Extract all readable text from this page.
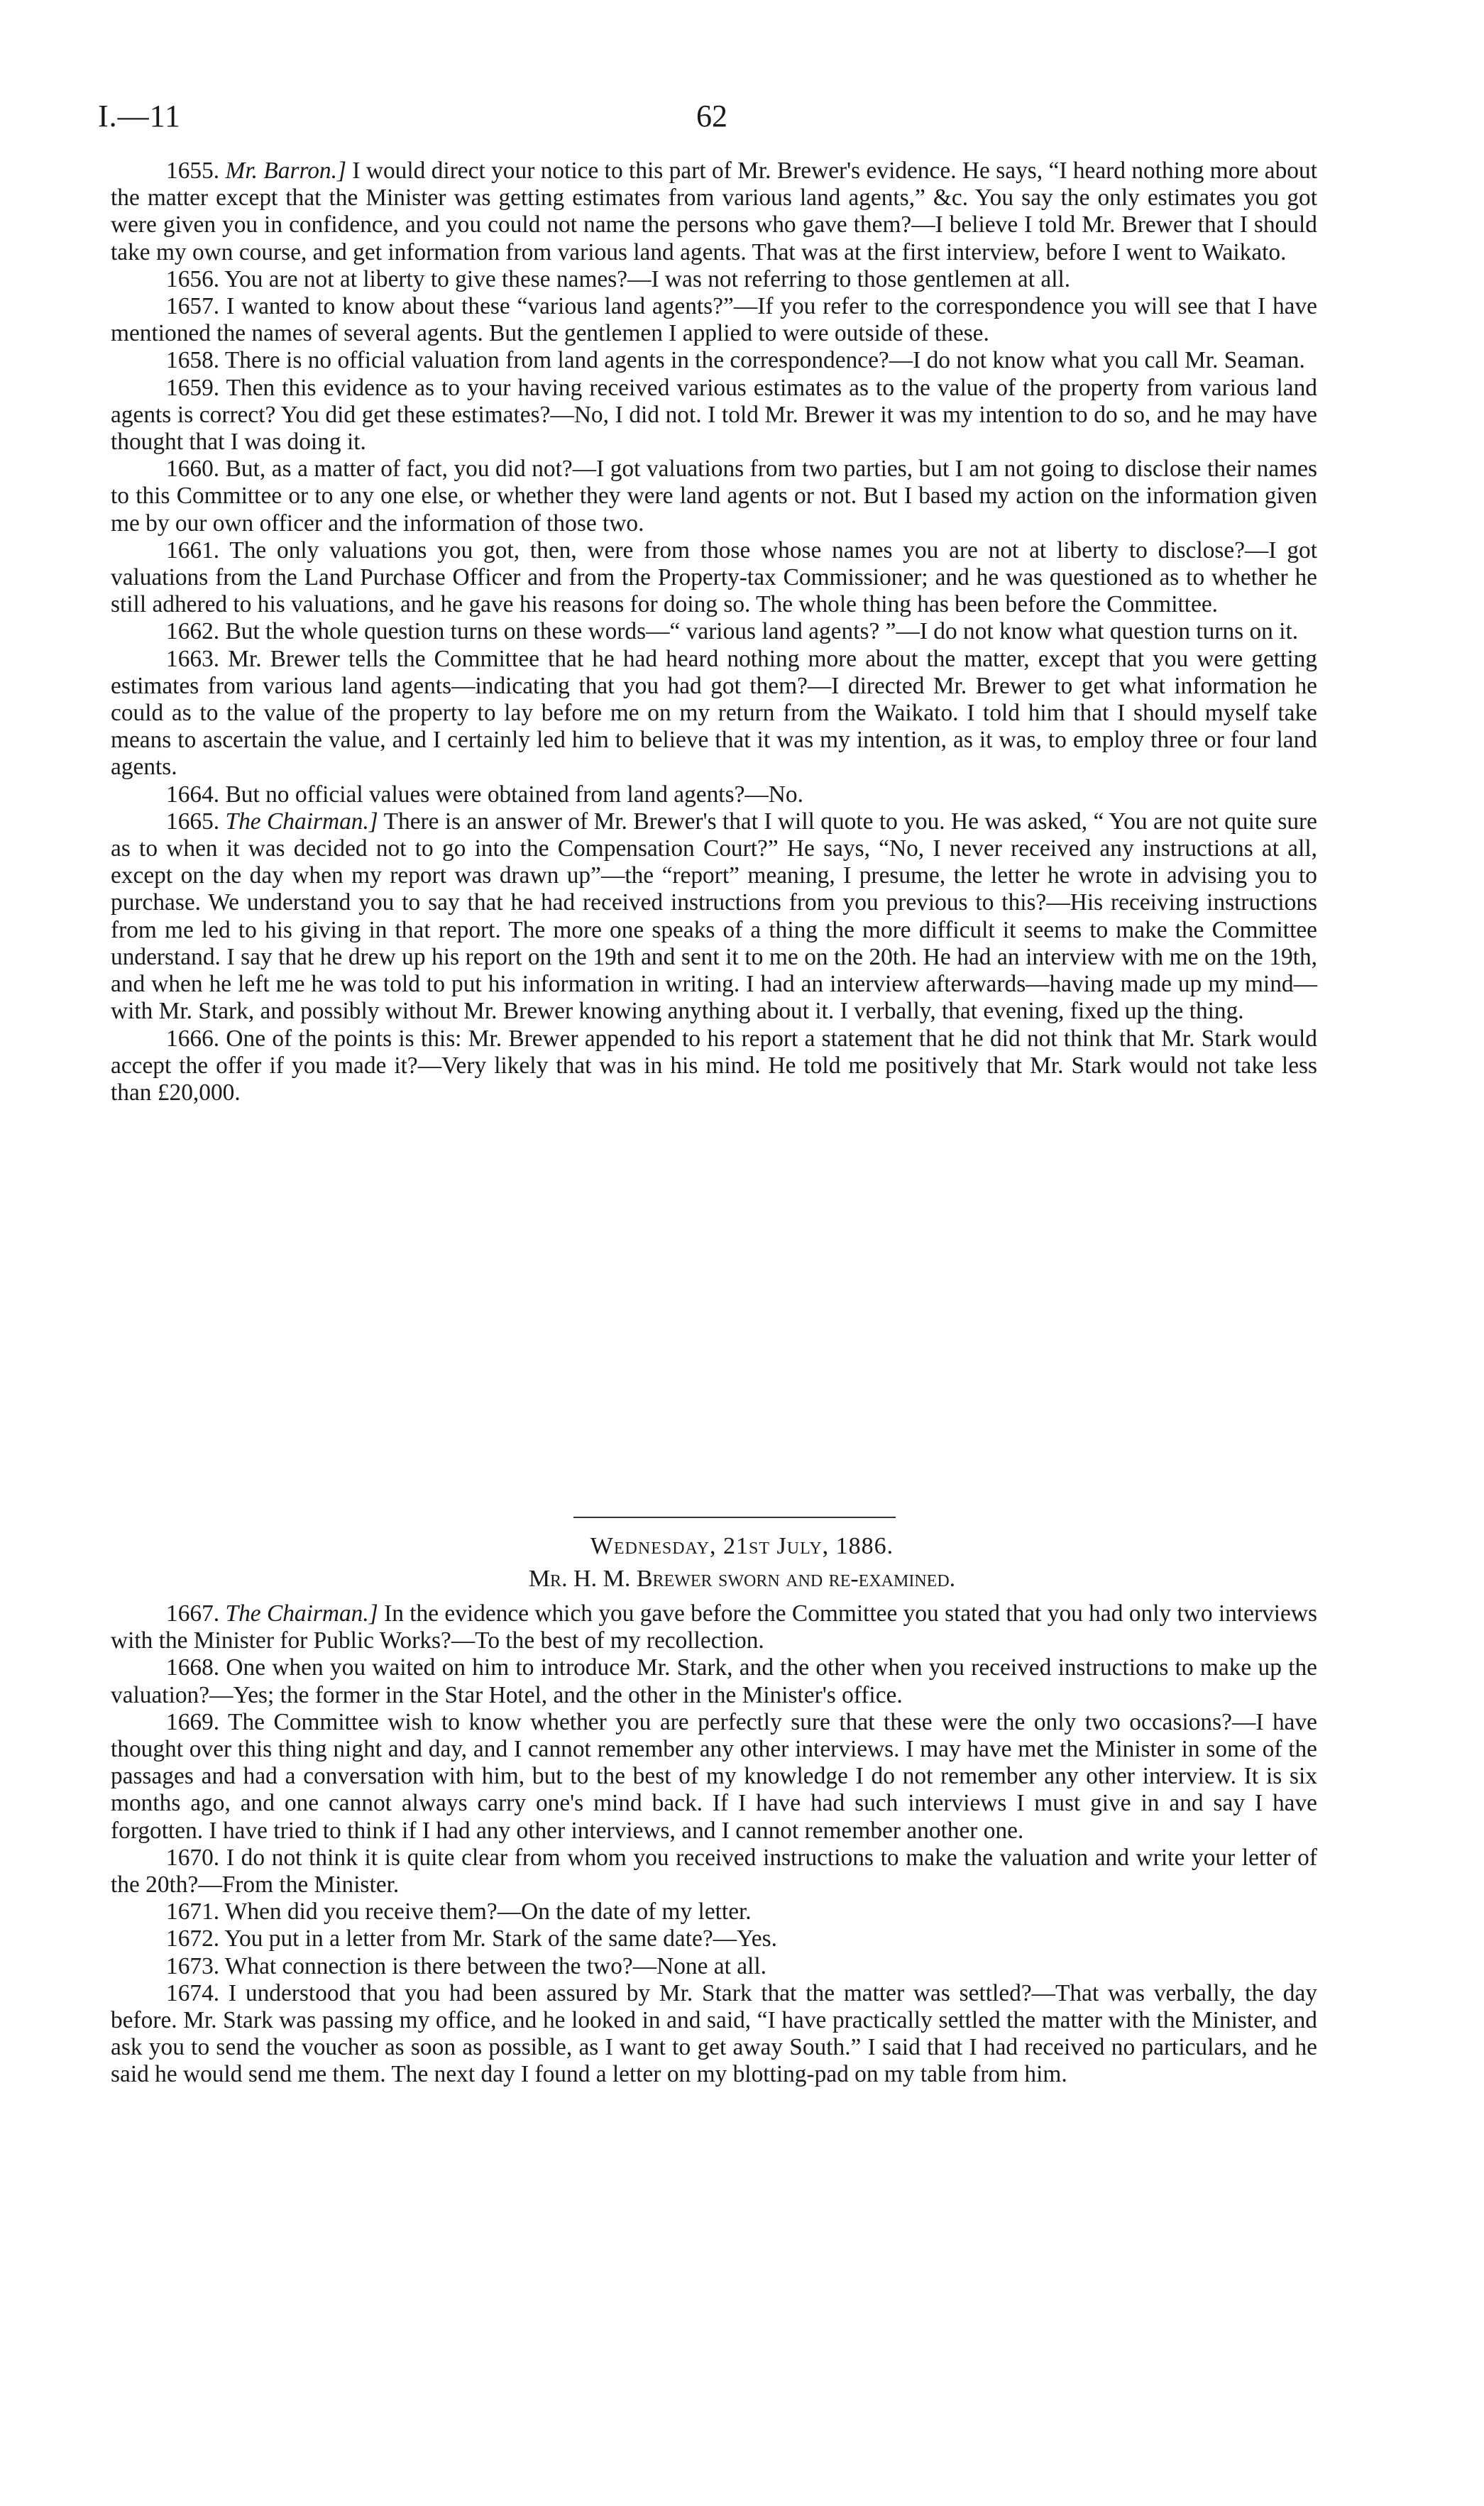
I.—11	62

1655. Mr. Barron.] I would direct your notice to this part of Mr. Brewer's evidence. He says, “I heard nothing more about the matter except that the Minister was getting estimates from various land agents,” &c. You say the only estimates you got were given you in confidence, and you could not name the persons who gave them?—I believe I told Mr. Brewer that I should take my own course, and get information from various land agents. That was at the first interview, before I went to Waikato.

1656. You are not at liberty to give these names?—I was not referring to those gentlemen at all.

1657. I wanted to know about these “various land agents?”—If you refer to the correspondence you will see that I have mentioned the names of several agents. But the gentlemen I applied to were outside of these.

1658. There is no official valuation from land agents in the correspondence?—I do not know what you call Mr. Seaman.

1659. Then this evidence as to your having received various estimates as to the value of the property from various land agents is correct? You did get these estimates?—No, I did not. I told Mr. Brewer it was my intention to do so, and he may have thought that I was doing it.

1660. But, as a matter of fact, you did not?—I got valuations from two parties, but I am not going to disclose their names to this Committee or to any one else, or whether they were land agents or not. But I based my action on the information given me by our own officer and the information of those two.

1661. The only valuations you got, then, were from those whose names you are not at liberty to disclose?—I got valuations from the Land Purchase Officer and from the Property-tax Commissioner; and he was questioned as to whether he still adhered to his valuations, and he gave his reasons for doing so. The whole thing has been before the Committee.

1662. But the whole question turns on these words—“ various land agents? ”—I do not know what question turns on it.

1663. Mr. Brewer tells the Committee that he had heard nothing more about the matter, except that you were getting estimates from various land agents—indicating that you had got them?—I directed Mr. Brewer to get what information he could as to the value of the property to lay before me on my return from the Waikato. I told him that I should myself take means to ascertain the value, and I certainly led him to believe that it was my intention, as it was, to employ three or four land agents.

1664. But no official values were obtained from land agents?—No.

1665. The Chairman.] There is an answer of Mr. Brewer's that I will quote to you. He was asked, “ You are not quite sure as to when it was decided not to go into the Compensation Court?” He says, “No, I never received any instructions at all, except on the day when my report was drawn up”—the “report” meaning, I presume, the letter he wrote in advising you to purchase. We understand you to say that he had received instructions from you previous to this?—His receiving instructions from me led to his giving in that report. The more one speaks of a thing the more difficult it seems to make the Committee understand. I say that he drew up his report on the 19th and sent it to me on the 20th. He had an interview with me on the 19th, and when he left me he was told to put his information in writing. I had an interview afterwards—having made up my mind—with Mr. Stark, and possibly without Mr. Brewer knowing anything about it. I verbally, that evening, fixed up the thing.

1666. One of the points is this: Mr. Brewer appended to his report a statement that he did not think that Mr. Stark would accept the offer if you made it?—Very likely that was in his mind. He told me positively that Mr. Stark would not take less than £20,000.

Wednesday, 21st July, 1886.
Mr. H. M. Brewer sworn and re-examined.

1667. The Chairman.] In the evidence which you gave before the Committee you stated that you had only two interviews with the Minister for Public Works?—To the best of my recollection.

1668. One when you waited on him to introduce Mr. Stark, and the other when you received instructions to make up the valuation?—Yes; the former in the Star Hotel, and the other in the Minister's office.

1669. The Committee wish to know whether you are perfectly sure that these were the only two occasions?—I have thought over this thing night and day, and I cannot remember any other interviews. I may have met the Minister in some of the passages and had a conversation with him, but to the best of my knowledge I do not remember any other interview. It is six months ago, and one cannot always carry one's mind back. If I have had such interviews I must give in and say I have forgotten. I have tried to think if I had any other interviews, and I cannot remember another one.

1670. I do not think it is quite clear from whom you received instructions to make the valuation and write your letter of the 20th?—From the Minister.

1671. When did you receive them?—On the date of my letter.

1672. You put in a letter from Mr. Stark of the same date?—Yes.

1673. What connection is there between the two?—None at all.

1674. I understood that you had been assured by Mr. Stark that the matter was settled?—That was verbally, the day before. Mr. Stark was passing my office, and he looked in and said, “I have practically settled the matter with the Minister, and ask you to send the voucher as soon as possible, as I want to get away South.” I said that I had received no particulars, and he said he would send me them. The next day I found a letter on my blotting-pad on my table from him.
